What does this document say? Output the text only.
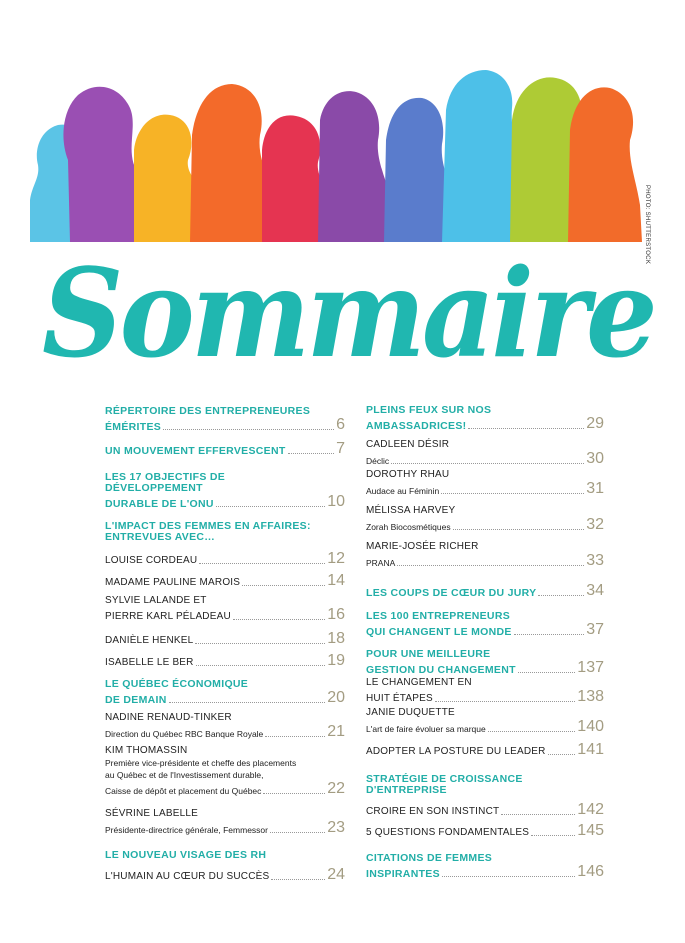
PHOTO: SHUTTERSTOCK
Sommaire
RÉPERTOIRE DES ENTREPRENEURES
ÉMÉRITES	6
UN MOUVEMENT EFFERVESCENT	7
LES 17 OBJECTIFS DE
DÉVELOPPEMENT
DURABLE DE L'ONU	10
L'IMPACT DES FEMMES EN AFFAIRES:
ENTREVUES AVEC…
LOUISE CORDEAU	12
MADAME PAULINE MAROIS	14
SYLVIE LALANDE ET
PIERRE KARL PÉLADEAU	16
DANIÈLE HENKEL	18
ISABELLE LE BER	19
LE QUÉBEC ÉCONOMIQUE
DE DEMAIN	20
NADINE RENAUD-TINKER
Direction du Québec RBC Banque Royale	21
KIM THOMASSIN
Première vice-présidente et cheffe des placements
au Québec et de l'Investissement durable,
Caisse de dépôt et placement du Québec	22
SÉVRINE LABELLE
Présidente-directrice générale, Femmessor	23
LE NOUVEAU VISAGE DES RH
L'HUMAIN AU CŒUR DU SUCCÈS	24
PLEINS FEUX SUR NOS
AMBASSADRICES!	29
CADLEEN DÉSIR
Déclic	30
DOROTHY RHAU
Audace au Féminin	31
MÉLISSA HARVEY
Zorah Biocosmétiques	32
MARIE-JOSÉE RICHER
PRANA	33
LES COUPS DE CŒUR DU JURY	34
LES 100 ENTREPRENEURS
QUI CHANGENT LE MONDE	37
POUR UNE MEILLEURE
GESTION DU CHANGEMENT	137
LE CHANGEMENT EN
HUIT ÉTAPES	138
JANIE DUQUETTE
L'art de faire évoluer sa marque	140
ADOPTER LA POSTURE DU LEADER 141
STRATÉGIE DE CROISSANCE
D'ENTREPRISE
CROIRE EN SON INSTINCT	142
5 QUESTIONS FONDAMENTALES	145
CITATIONS DE FEMMES
INSPIRANTES	146
